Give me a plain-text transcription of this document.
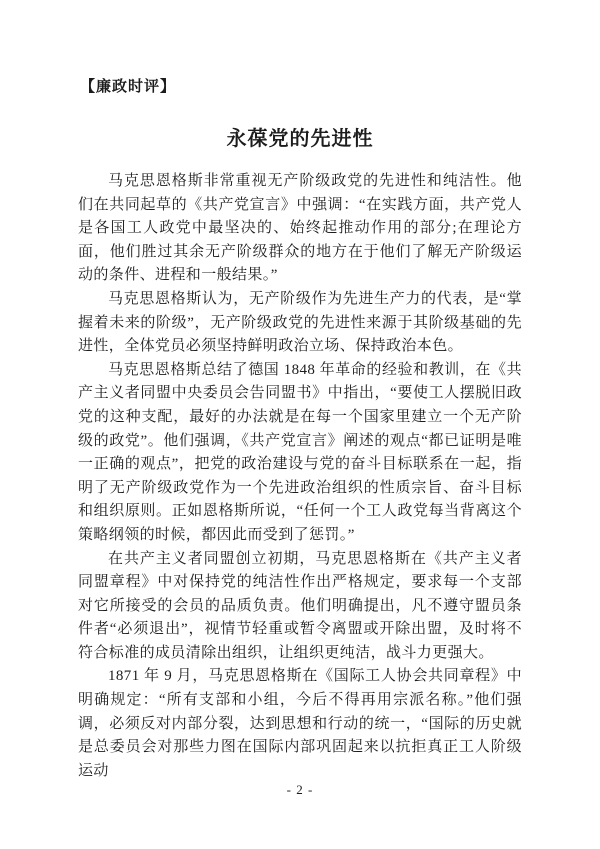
【廉政时评】
永葆党的先进性

马克思恩格斯非常重视无产阶级政党的先进性和纯洁性。他们在共同起草的《共产党宣言》中强调：“在实践方面，共产党人是各国工人政党中最坚决的、始终起推动作用的部分;在理论方面，他们胜过其余无产阶级群众的地方在于他们了解无产阶级运动的条件、进程和一般结果。”

马克思恩格斯认为，无产阶级作为先进生产力的代表，是“掌握着未来的阶级”，无产阶级政党的先进性来源于其阶级基础的先进性，全体党员必须坚持鲜明政治立场、保持政治本色。

马克思恩格斯总结了德国 1848 年革命的经验和教训，在《共产主义者同盟中央委员会告同盟书》中指出，“要使工人摆脱旧政党的这种支配，最好的办法就是在每一个国家里建立一个无产阶级的政党”。他们强调，《共产党宣言》阐述的观点“都已证明是唯一正确的观点”，把党的政治建设与党的奋斗目标联系在一起，指明了无产阶级政党作为一个先进政治组织的性质宗旨、奋斗目标和组织原则。正如恩格斯所说，“任何一个工人政党每当背离这个策略纲领的时候，都因此而受到了惩罚。”

在共产主义者同盟创立初期，马克思恩格斯在《共产主义者同盟章程》中对保持党的纯洁性作出严格规定，要求每一个支部对它所接受的会员的品质负责。他们明确提出，凡不遵守盟员条件者“必须退出”，视情节轻重或暂令离盟或开除出盟，及时将不符合标准的成员清除出组织，让组织更纯洁，战斗力更强大。

1871 年 9 月，马克思恩格斯在《国际工人协会共同章程》中明确规定：“所有支部和小组，今后不得再用宗派名称。”他们强调，必须反对内部分裂，达到思想和行动的统一，“国际的历史就是总委员会对那些力图在国际内部巩固起来以抗拒真正工人阶级运动

- 2 -
